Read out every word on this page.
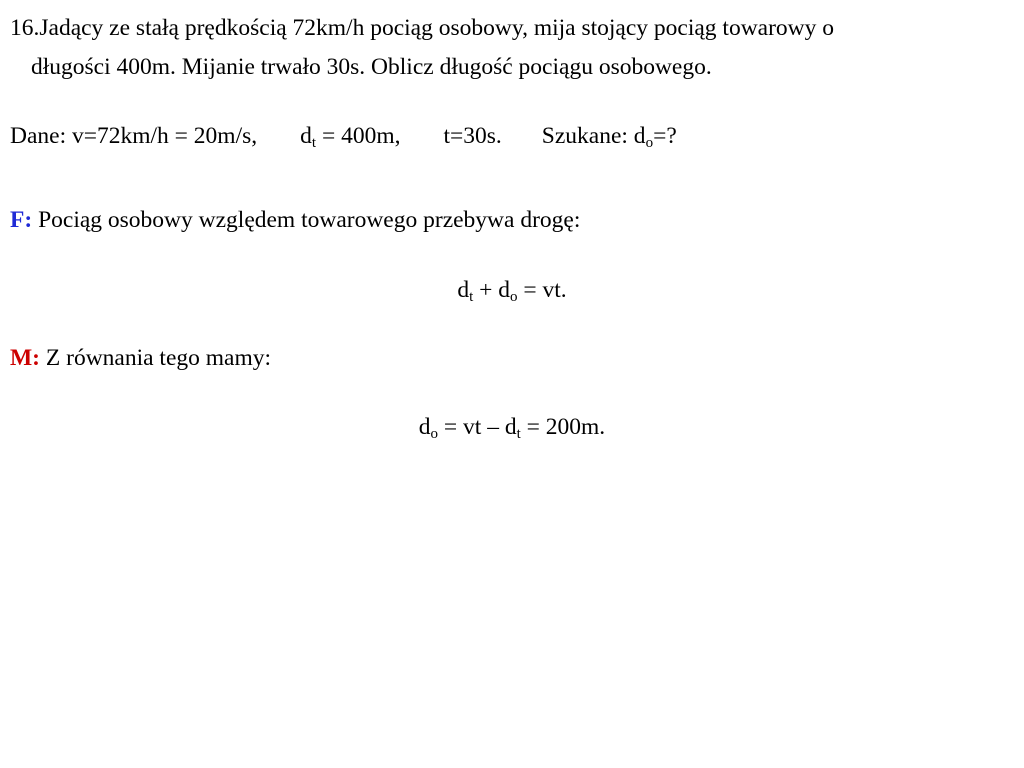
16.Jadący ze stałą prędkością 72km/h pociąg osobowy, mija stojący pociąg towarowy o
długości 400m. Mijanie trwało 30s. Oblicz długość pociągu osobowego.
Dane: v=72km/h = 20m/s, $d_t = 400m$, t=30s. Szukane: $d_o=$?
F: Pociąg osobowy względem towarowego przebywa drogę:
$d_t + d_o$ = vt.
M: Z równania tego mamy:
$d_o$ = vt – $d_t = 200m$.
